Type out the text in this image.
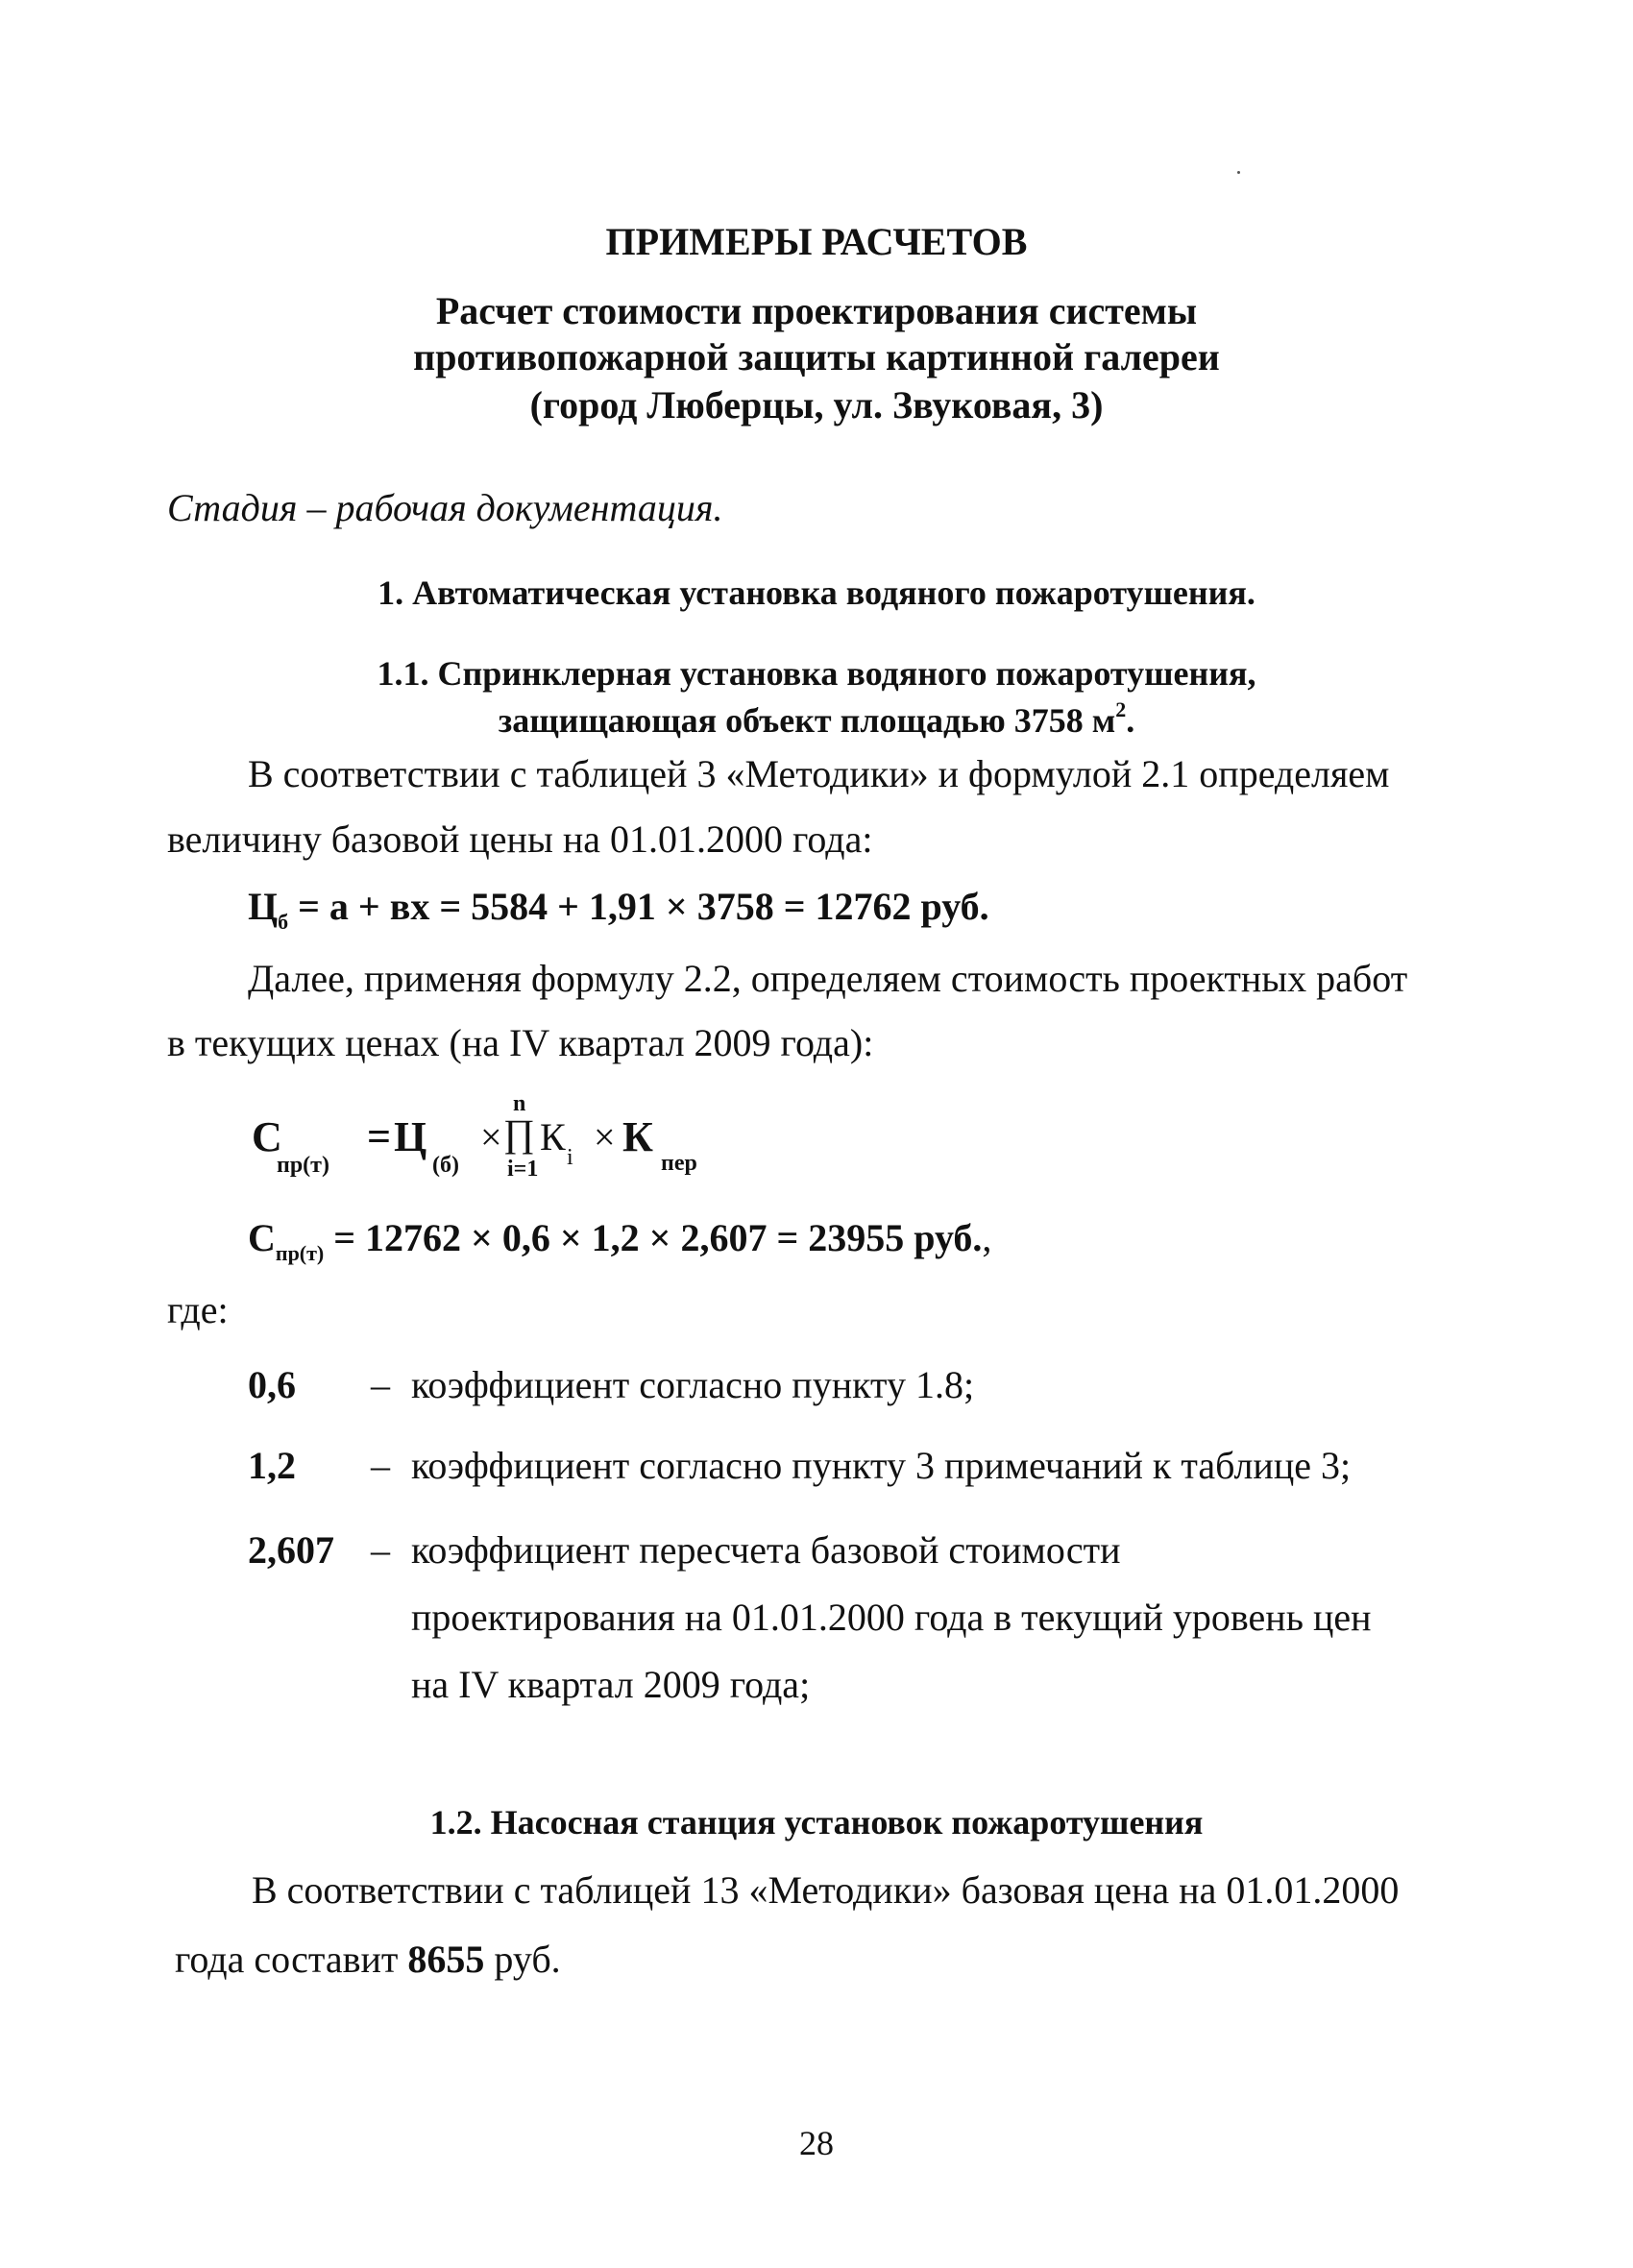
ПРИМЕРЫ РАСЧЕТОВ
Расчет стоимости проектирования системы
противопожарной защиты картинной галереи
(город Люберцы, ул. Звуковая, 3)
Стадия – рабочая документация.
1. Автоматическая установка водяного пожаротушения.
1.1. Спринклерная установка водяного пожаротушения,
защищающая объект площадью 3758 $м^2$.
В соответствии с таблицей 3 «Методики» и формулой 2.1 определяем
величину базовой цены на 01.01.2000 года:
$Ц_б = а$ + вх = 5584 + 1,91 × 3758 = 12762 руб.
Далее, применяя формулу 2.2, определяем стоимость проектных работ
в текущих ценах (на IV квартал 2009 года):
С
пр(т)
= Ц
(б)
×
n
∏
i=1
К i × К
пер
$С_{пр(т)} = 12762 \times 0,6 \times 1,2 \times 2,607 = 23955$ руб.,
где:
0,6 – коэффициент согласно пункту 1.8;
1,2 – коэффициент согласно пункту 3 примечаний к таблице 3;
2,607 – коэффициент пересчета базовой стоимости
проектирования на 01.01.2000 года в текущий уровень цен
на IV квартал 2009 года;
1.2. Насосная станция установок пожаротушения
В соответствии с таблицей 13 «Методики» базовая цена на 01.01.2000
года составит 8655 руб.
28
